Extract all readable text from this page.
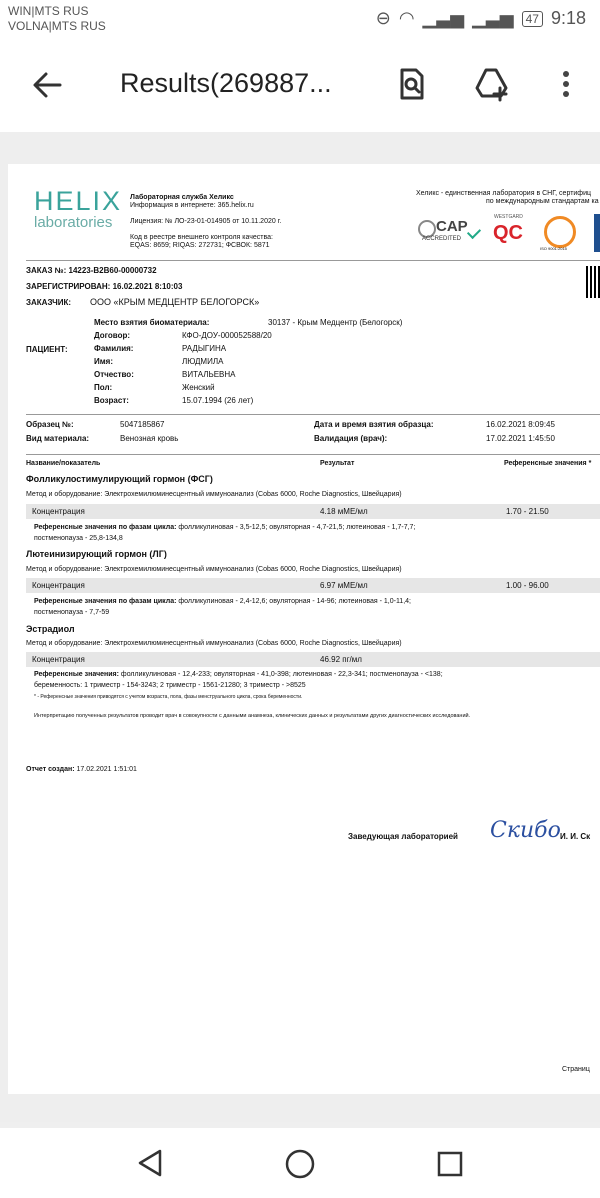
WIN|MTS RUS
VOLNA|MTS RUS	⊖ ◠ ▁▃▅ ▁▃▅	47 9:18
Results(269887...
HELIX
laboratories
Лабораторная служба Хеликс
Информация в интернете: 365.helix.ru
Лицензия: № ЛО-23-01-014905 от 10.11.2020 г.
Код в реестре внешнего контроля качества:
EQAS: 8659; RIQAS: 272731; ФСВОК: 5871
Хеликс - единственная лаборатория в СНГ, сертифиц
по международным стандартам ка
CAP
ACCREDITED
WESTGARD
QC
ISO 9001:2015
ЗАКАЗ №: 14223-B2B60-00000732
ЗАРЕГИСТРИРОВАН: 16.02.2021 8:10:03
ЗАКАЗЧИК: ООО «КРЫМ МЕДЦЕНТР БЕЛОГОРСК»
ПАЦИЕНТ:
Место взятия биоматериала:	30137 - Крым Медцентр (Белогорск)
Договор:	КФО-ДОУ-000052588/20
Фамилия:	РАДЫГИНА
Имя:	ЛЮДМИЛА
Отчество:	ВИТАЛЬЕВНА
Пол:	Женский
Возраст:	15.07.1994 (26 лет)
Образец №:	5047185867
Вид материала:	Венозная кровь
Дата и время взятия образца:	16.02.2021 8:09:45
Валидация (врач):	17.02.2021 1:45:50
Название/показатель	Результат	Референсные значения *
Фолликулостимулирующий гормон (ФСГ)
Метод и оборудование: Электрохемилюминесцентный иммуноанализ (Cobas 6000, Roche Diagnostics, Швейцария)
Концентрация	4.18 мМЕ/мл	1.70 - 21.50
Референсные значения по фазам цикла: фолликулиновая - 3,5-12,5; овуляторная - 4,7-21,5; лютеиновая - 1,7-7,7;
постменопауза - 25,8-134,8
Лютеинизирующий гормон (ЛГ)
Метод и оборудование: Электрохемилюминесцентный иммуноанализ (Cobas 6000, Roche Diagnostics, Швейцария)
Концентрация	6.97 мМЕ/мл	1.00 - 96.00
Референсные значения по фазам цикла: фолликулиновая - 2,4-12,6; овуляторная - 14-96; лютеиновая - 1,0-11,4;
постменопауза - 7,7-59
Эстрадиол
Метод и оборудование: Электрохемилюминесцентный иммуноанализ (Cobas 6000, Roche Diagnostics, Швейцария)
Концентрация	46.92 пг/мл
Референсные значения: фолликулиновая - 12,4-233; овуляторная - 41,0-398; лютеиновая - 22,3-341; постменопауза - <138;
беременность: 1 триместр - 154-3243; 2 триместр - 1561-21280; 3 триместр - >8525
* - Референсные значения приводятся с учетом возраста, пола, фазы менструального цикла, срока беременности.
Интерпретацию полученных результатов проводит врач в совокупности с данными анамнеза, клинических данных и результатами других диагностических исследований.
Отчет создан: 17.02.2021 1:51:01
Заведующая лабораторией Скибо И. И. Ск
Страниц
